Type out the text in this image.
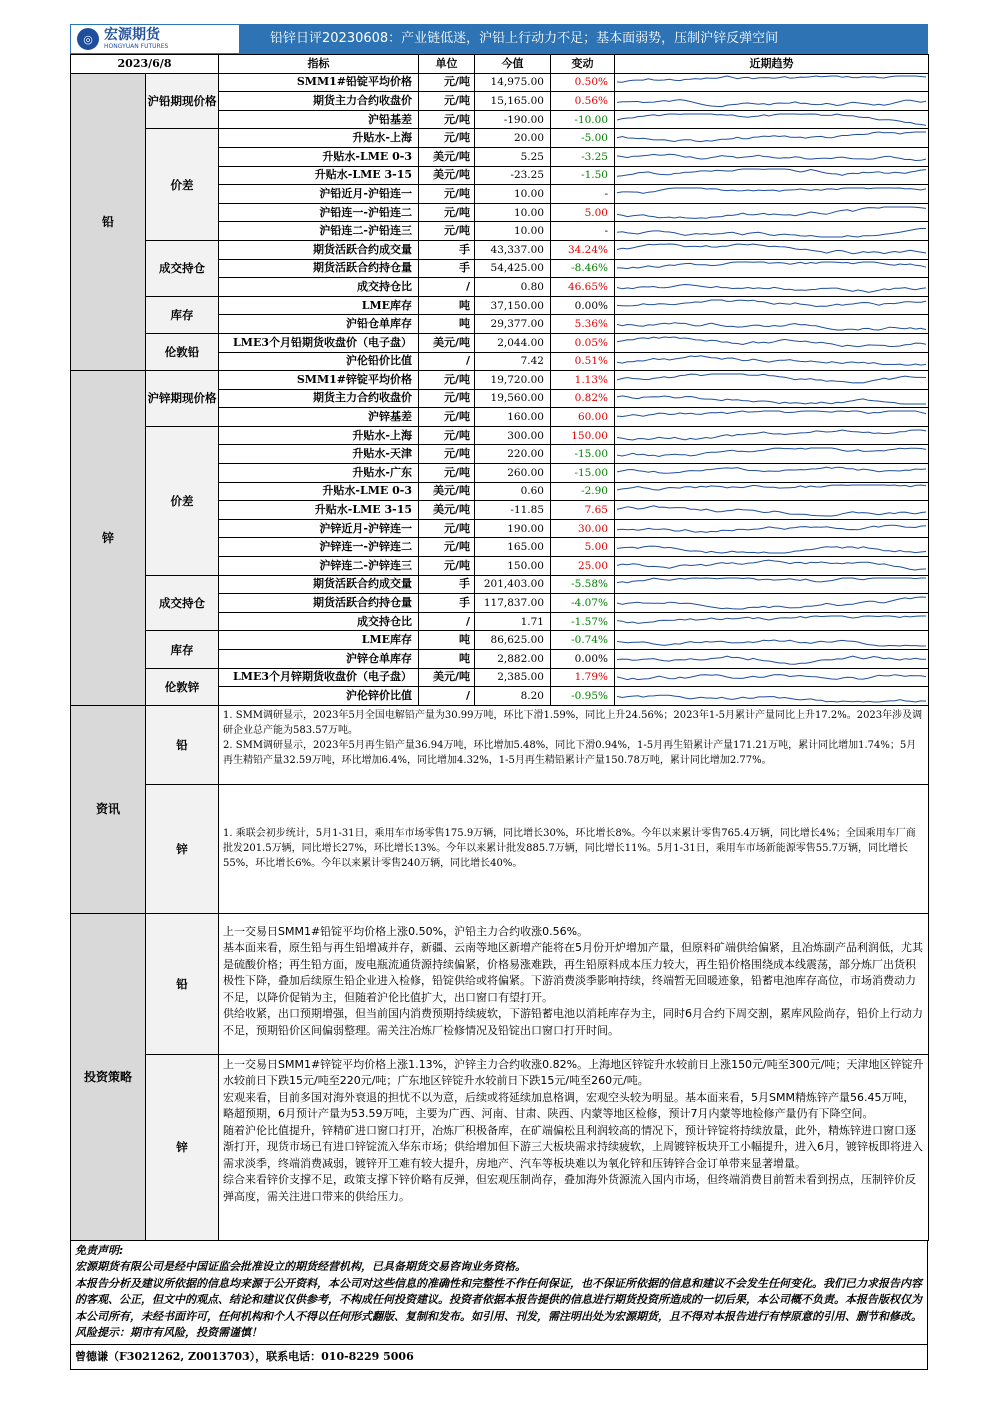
◎ 宏源期货
HONGYUAN FUTURES
铅锌日评20230608：产业链低迷，沪铅上行动力不足；基本面弱势，压制沪锌反弹空间
2023/6/8		指标	单位	今值	变动	近期趋势
铅	沪铅期现价格	SMM1#铅锭平均价格	元/吨	14,975.00	0.50%	

		期货主力合约收盘价	元/吨	15,165.00	0.56%	

		沪铅基差	元/吨	-190.00	-10.00	

	价差	升贴水-上海	元/吨	20.00	-5.00	

		升贴水-LME 0-3	美元/吨	5.25	-3.25	

		升贴水-LME 3-15	美元/吨	-23.25	-1.50	

		沪铅近月-沪铅连一	元/吨	10.00	-	

		沪铅连一-沪铅连二	元/吨	10.00	5.00	

		沪铅连二-沪铅连三	元/吨	10.00	-	

	成交持仓	期货活跃合约成交量	手	43,337.00	34.24%	

		期货活跃合约持仓量	手	54,425.00	-8.46%	

		成交持仓比	/	0.80	46.65%	

	库存	LME库存	吨	37,150.00	0.00%	

		沪铅仓单库存	吨	29,377.00	5.36%	

	伦敦铅	LME3个月铅期货收盘价（电子盘）	美元/吨	2,044.00	0.05%	

		沪伦铅价比值	/	7.42	0.51%	

锌	沪锌期现价格	SMM1#锌锭平均价格	元/吨	19,720.00	1.13%	

		期货主力合约收盘价	元/吨	19,560.00	0.82%	

		沪锌基差	元/吨	160.00	60.00	

	价差	升贴水-上海	元/吨	300.00	150.00	

		升贴水-天津	元/吨	220.00	-15.00	

		升贴水-广东	元/吨	260.00	-15.00	

		升贴水-LME 0-3	美元/吨	0.60	-2.90	

		升贴水-LME 3-15	美元/吨	-11.85	7.65	

		沪锌近月-沪锌连一	元/吨	190.00	30.00	

		沪锌连一-沪锌连二	元/吨	165.00	5.00	

		沪锌连二-沪锌连三	元/吨	150.00	25.00	

	成交持仓	期货活跃合约成交量	手	201,403.00	-5.58%	

		期货活跃合约持仓量	手	117,837.00	-4.07%	

		成交持仓比	/	1.71	-1.57%	

	库存	LME库存	吨	86,625.00	-0.74%	

		沪锌仓单库存	吨	2,882.00	0.00%	

	伦敦锌	LME3个月锌期货收盘价（电子盘）	美元/吨	2,385.00	1.79%	

		沪伦锌价比值	/	8.20	-0.95%	

资讯	铅	1. SMM调研显示，2023年5月全国电解铅产量为30.99万吨，环比下滑1.59%，同比上升24.56%；2023年1-5月累计产量同比上升17.2%。2023年涉及调研企业总产能为583.57万吨。

2. SMM调研显示，2023年5月再生铅产量36.94万吨，环比增加5.48%，同比下滑0.94%，1-5月再生铅累计产量171.21万吨，累计同比增加1.74%；5月再生精铅产量32.59万吨，环比增加6.4%，同比增加4.32%，1-5月再生精铅累计产量150.78万吨，累计同比增加2.77%。				

	锌	1. 乘联会初步统计，5月1-31日，乘用车市场零售175.9万辆，同比增长30%，环比增长8%。今年以来累计零售765.4万辆，同比增长4%；全国乘用车厂商批发201.5万辆，同比增长27%，环比增长13%。今年以来累计批发885.7万辆，同比增长11%。5月1-31日，乘用车市场新能源零售55.7万辆，同比增长55%，环比增长6%。今年以来累计零售240万辆，同比增长40%。				

投资策略	铅	上一交易日SMM1#铅锭平均价格上涨0.50%，沪铅主力合约收涨0.56%。

基本面来看，原生铅与再生铅增减并存，新疆、云南等地区新增产能将在5月份开炉增加产量，但原料矿端供给偏紧，且冶炼副产品利润低，尤其是硫酸价格；再生铅方面，废电瓶流通货源持续偏紧，价格易涨难跌，再生铅原料成本压力较大，再生铅价格围绕成本线震荡，部分炼厂出货积极性下降，叠加后续原生铅企业进入检修，铅锭供给或将偏紧。下游消费淡季影响持续，终端暂无回暖迹象，铅蓄电池库存高位，市场消费动力不足，以降价促销为主，但随着沪伦比值扩大，出口窗口有望打开。

供给收紧，出口预期增强，但当前国内消费预期持续疲软，下游铅蓄电池以消耗库存为主，同时6月合约下周交割，累库风险尚存，铅价上行动力不足，预期铅价区间偏弱整理。需关注冶炼厂检修情况及铅锭出口窗口打开时间。				

	锌	上一交易日SMM1#锌锭平均价格上涨1.13%，沪锌主力合约收涨0.82%。上海地区锌锭升水较前日上涨150元/吨至300元/吨；天津地区锌锭升水较前日下跌15元/吨至220元/吨；广东地区锌锭升水较前日下跌15元/吨至260元/吨。

宏观来看，目前多国对海外衰退的担忧不以为意，后续或将延续加息格调，宏观空头较为明显。基本面来看，5月SMM精炼锌产量56.45万吨，略超预期，6月预计产量为53.59万吨，主要为广西、河南、甘肃、陕西、内蒙等地区检修，预计7月内蒙等地检修产量仍有下降空间。

随着沪伦比值提升，锌精矿进口窗口打开，冶炼厂积极备库，在矿端偏松且利润较高的情况下，预计锌锭将持续放量，此外，精炼锌进口窗口逐渐打开，现货市场已有进口锌锭流入华东市场；供给增加但下游三大板块需求持续疲软，上周镀锌板块开工小幅提升，进入6月，镀锌板即将进入需求淡季，终端消费减弱，镀锌开工难有较大提升，房地产、汽车等板块难以为氧化锌和压铸锌合金订单带来显著增量。

综合来看锌价支撑不足，政策支撑下锌价略有反弹，但宏观压制尚存，叠加海外货源流入国内市场，但终端消费目前暂未看到拐点，压制锌价反弹高度，需关注进口带来的供给压力。				

免责声明:

宏源期货有限公司是经中国证监会批准设立的期货经营机构，已具备期货交易咨询业务资格。

本报告分析及建议所依据的信息均来源于公开资料，本公司对这些信息的准确性和完整性不作任何保证，也不保证所依据的信息和建议不会发生任何变化。我们已力求报告内容的客观、公正，但文中的观点、结论和建议仅供参考，不构成任何投资建议。投资者依据本报告提供的信息进行期货投资所造成的一切后果，本公司概不负责。本报告版权仅为本公司所有，未经书面许可，任何机构和个人不得以任何形式翻版、复制和发布。如引用、刊发，需注明出处为宏源期货，且不得对本报告进行有悖原意的引用、删节和修改。

风险提示：期市有风险，投资需谨慎！

曾德谦（F3021262, Z0013703），联系电话：010-8229 5006
